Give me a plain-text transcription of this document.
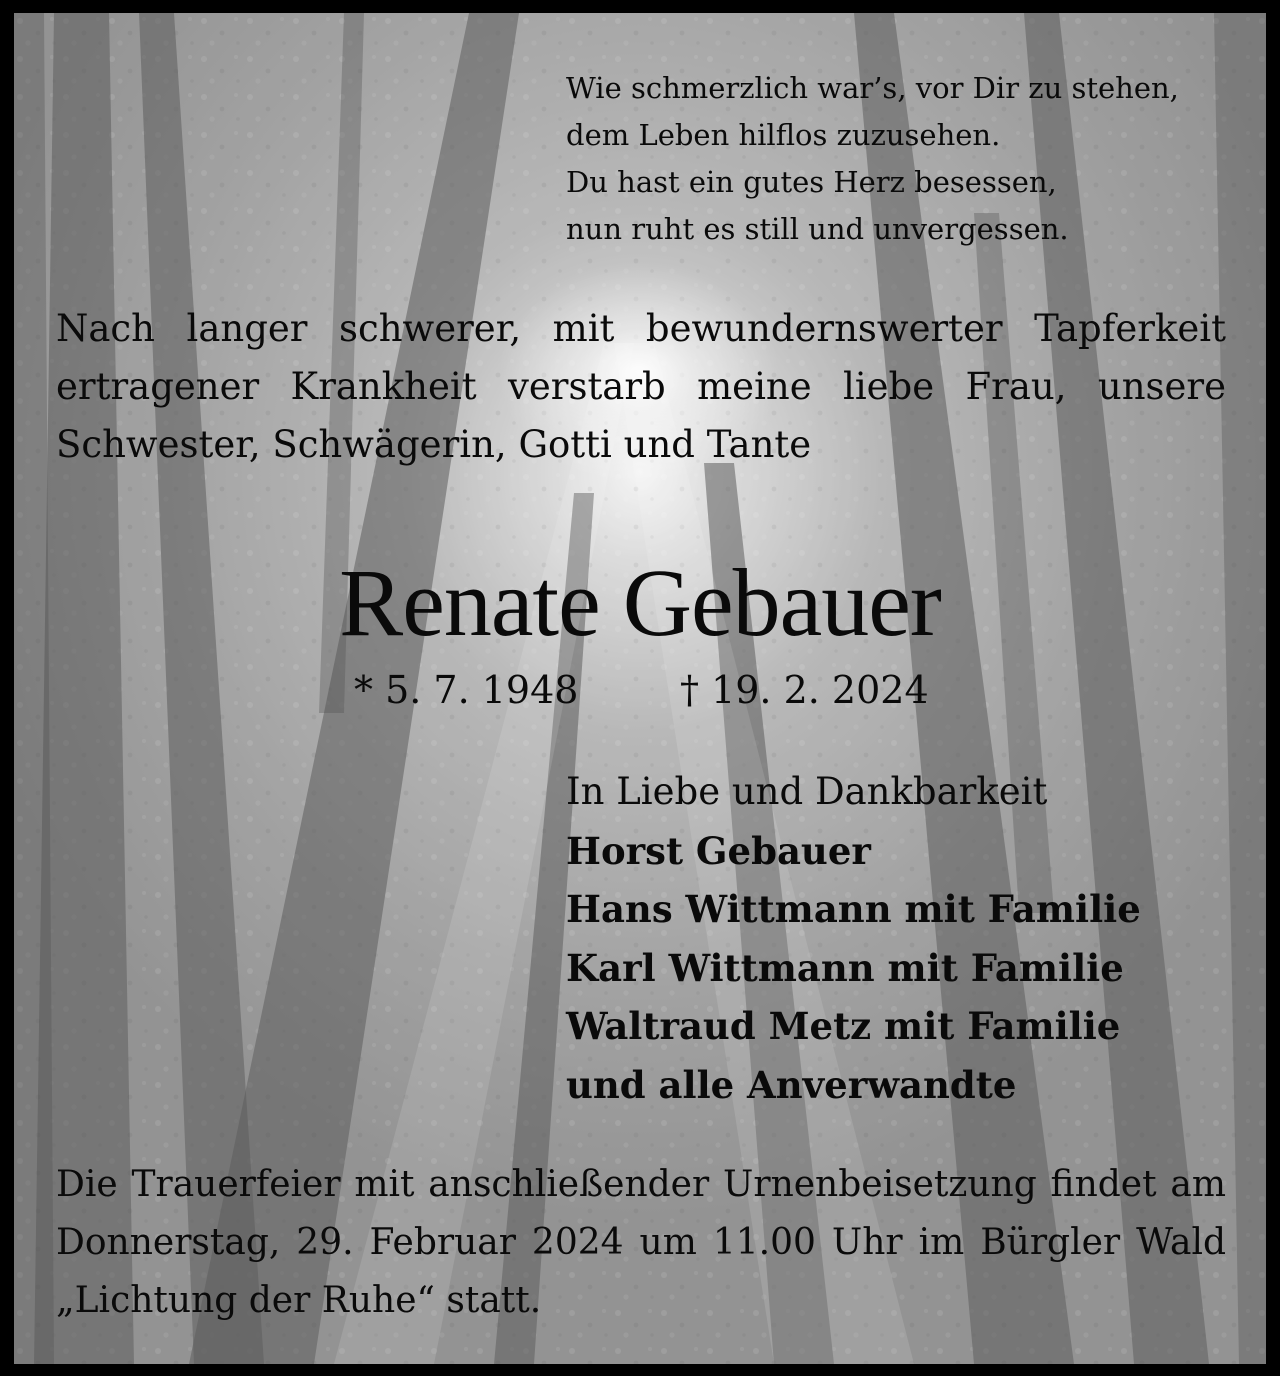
Wie schmerzlich war’s, vor Dir zu stehen,
dem Leben hilflos zuzusehen.
Du hast ein gutes Herz besessen,
nun ruht es still und unvergessen.
Nach langer schwerer, mit bewundernswerter Tapferkeit
ertragener Krankheit verstarb meine liebe Frau, unsere
Schwester, Schwägerin, Gotti und Tante
Renate Gebauer
* 5. 7. 1948	† 19. 2. 2024
In Liebe und Dankbarkeit
Horst Gebauer
Hans Wittmann mit Familie
Karl Wittmann mit Familie
Waltraud Metz mit Familie
und alle Anverwandte
Die Trauerfeier mit anschließender Urnenbeisetzung findet am
Donnerstag, 29. Februar 2024 um 11.00 Uhr im Bürgler Wald
„Lichtung der Ruhe“ statt.
